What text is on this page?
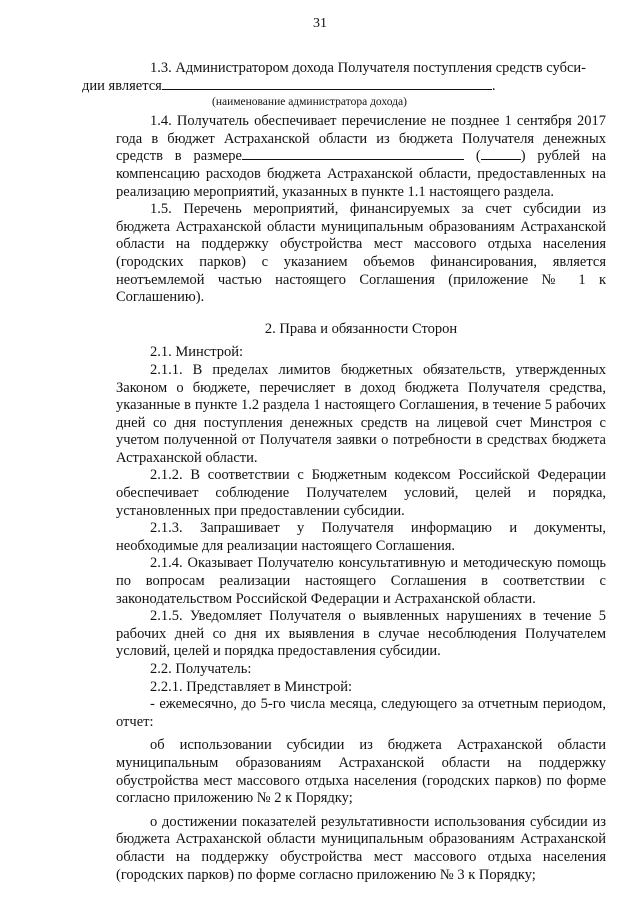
31

1.3. Администратором дохода Получателя поступления средств субси-
дии является	.

(наименование администратора дохода)

1.4. Получатель обеспечивает перечисление не позднее 1 сентября 2017 года в бюджет Астраханской области из бюджета Получателя денежных средств в размере	(	) рублей на компенсацию расходов бюджета Астраханской области, предоставленных на реализацию мероприятий, указанных в пункте 1.1 настоящего раздела.

1.5. Перечень мероприятий, финансируемых за счет субсидии из бюджета Астраханской области муниципальным образованиям Астраханской области на поддержку обустройства мест массового отдыха населения (городских парков) с указанием объемов финансирования, является неотъемлемой частью настоящего Соглашения (приложение № 1 к Соглашению).

2. Права и обязанности Сторон

2.1. Минстрой:

2.1.1. В пределах лимитов бюджетных обязательств, утвержденных Законом о бюджете, перечисляет в доход бюджета Получателя средства, указанные в пункте 1.2 раздела 1 настоящего Соглашения, в течение 5 рабочих дней со дня поступления денежных средств на лицевой счет Минстроя с учетом полученной от Получателя заявки о потребности в средствах бюджета Астраханской области.

2.1.2. В соответствии с Бюджетным кодексом Российской Федерации обеспечивает соблюдение Получателем условий, целей и порядка, установленных при предоставлении субсидии.

2.1.3. Запрашивает у Получателя информацию и документы, необходимые для реализации настоящего Соглашения.

2.1.4. Оказывает Получателю консультативную и методическую помощь по вопросам реализации настоящего Соглашения в соответствии с законодательством Российской Федерации и Астраханской области.

2.1.5. Уведомляет Получателя о выявленных нарушениях в течение 5 рабочих дней со дня их выявления в случае несоблюдения Получателем условий, целей и порядка предоставления субсидии.

2.2. Получатель:

2.2.1. Представляет в Минстрой:

- ежемесячно, до 5-го числа месяца, следующего за отчетным периодом, отчет:

об использовании субсидии из бюджета Астраханской области муниципальным образованиям Астраханской области на поддержку обустройства мест массового отдыха населения (городских парков) по форме согласно приложению № 2 к Порядку;

о достижении показателей результативности использования субсидии из бюджета Астраханской области муниципальным образованиям Астраханской области на поддержку обустройства мест массового отдыха населения (городских парков) по форме согласно приложению № 3 к Порядку;
